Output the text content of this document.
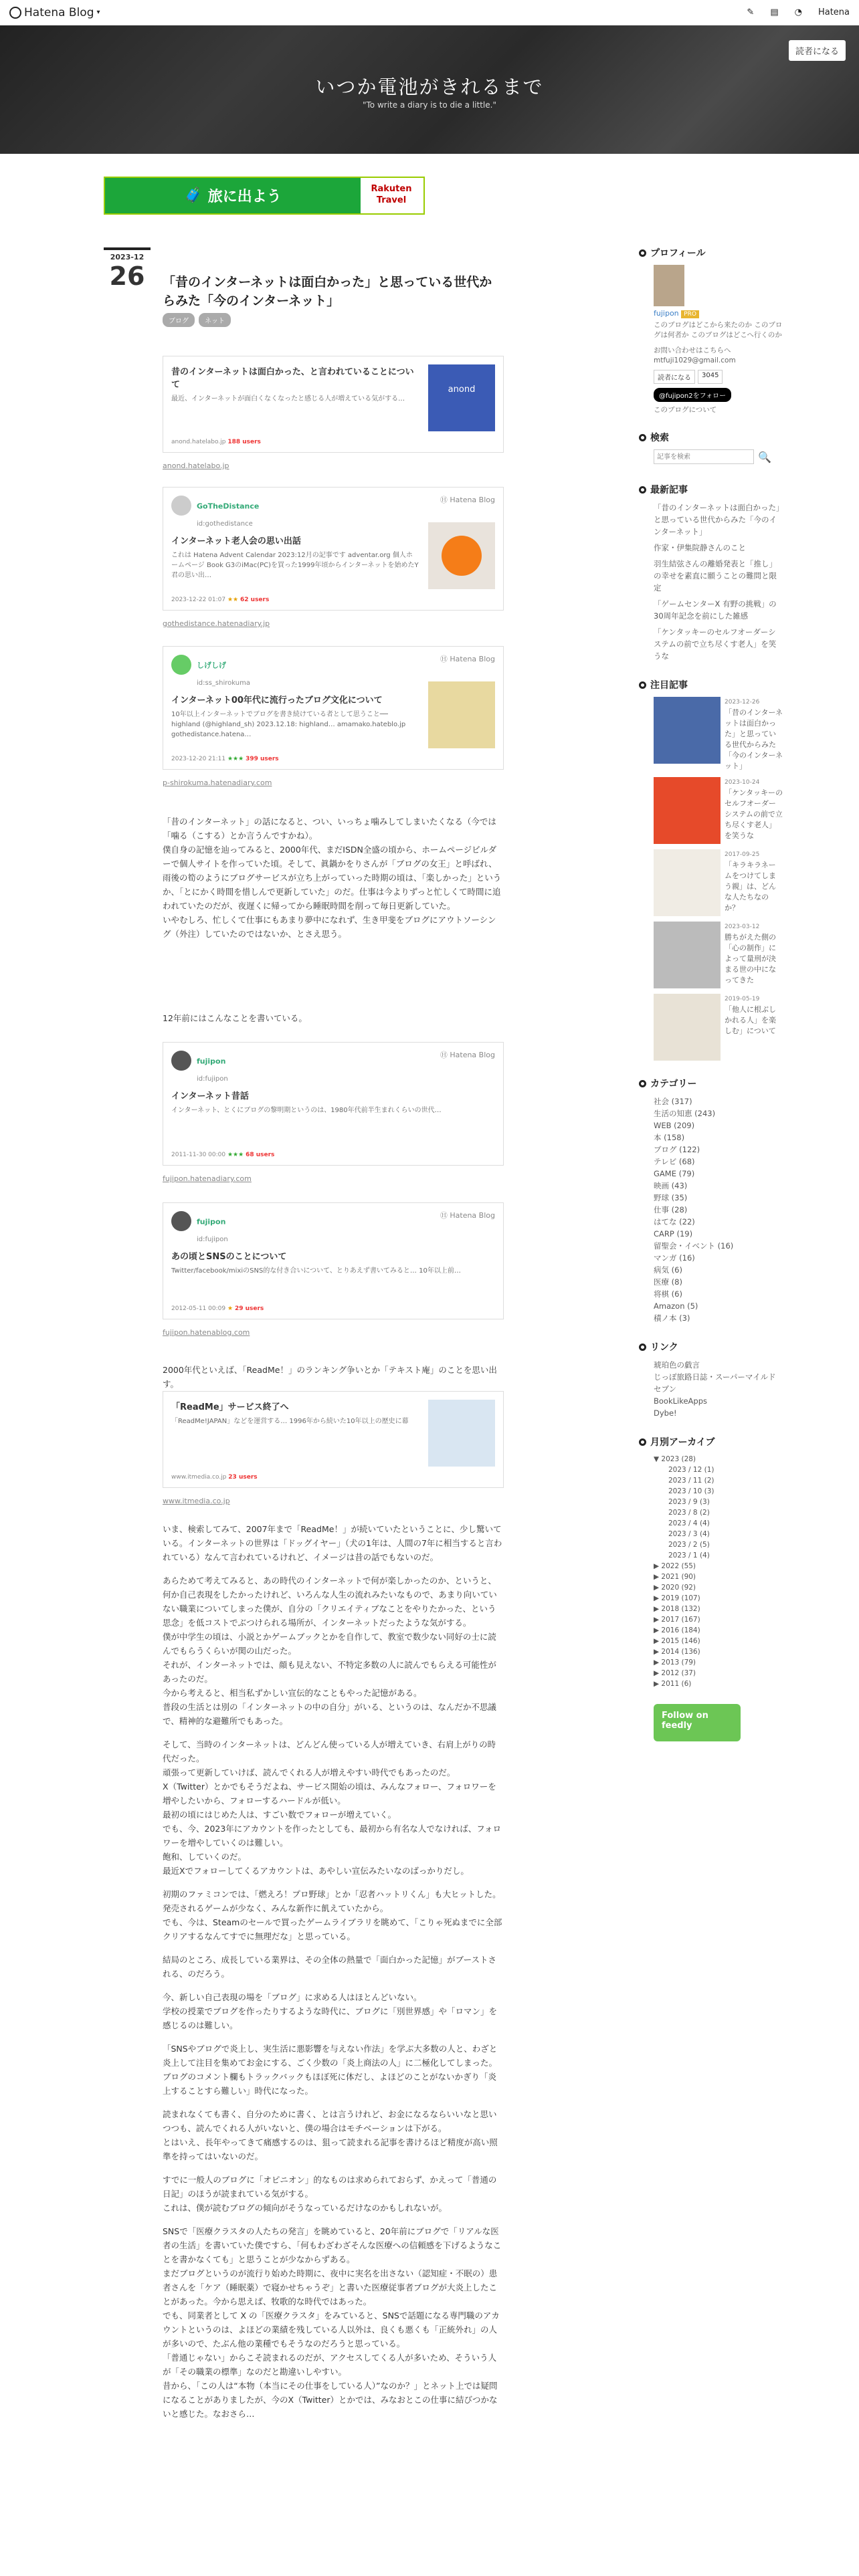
Hatena Blog ▾	✎ ▤ ◔ Hatena
読者になる
いつか電池がきれるまで
"To write a diary is to die a little."
🧳 旅に出よう	Rakuten Travel
2023-12
26	「昔のインターネットは面白かった」と思っている世代からみた「今のインターネット」
ブログ	ネット
昔のインターネットは面白かった、と言われていることについて
最近、インターネットが面白くなくなったと感じる人が増えている気がする…
anond
anond.hatelabo.jp 188 users
anond.hatelabo.jp
Ⓗ Hatena Blog
GoTheDistance
id:gothedistance
インターネット老人会の思い出話
これは Hatena Advent Calendar 2023:12月の記事です adventar.org 個人ホームページ Book G3のiMac(PC)を買った1999年頃からインターネットを始めたY君の思い出…
2023-12-22 01:07 ★★ 62 users
gothedistance.hatenadiary.jp
Ⓗ Hatena Blog
しげしげ
id:ss_shirokuma
インターネット00年代に流行ったブログ文化について
10年以上インターネットでブログを書き続けている者として思うこと── highland (@highland_sh) 2023.12.18: highland… amamako.hateblo.jp gothedistance.hatena…
2023-12-20 21:11 ★★★ 399 users
p-shirokuma.hatenadiary.com

「昔のインターネット」の話になると、つい、いっちょ噛みしてしまいたくなる（今では「噛る（こする）とか言うんですかね）。

僕自身の記憶を辿ってみると、2000年代、まだISDN全盛の頃から、ホームページビルダーで個人サイトを作っていた頃。そして、眞鍋かをりさんが「ブログの女王」と呼ばれ、雨後の筍のようにブログサービスが立ち上がっていった時期の頃は、「楽しかった」というか、「とにかく時間を惜しんで更新していた」のだ。仕事は今よりずっと忙しくて時間に追われていたのだが、夜遅くに帰ってから睡眠時間を削って毎日更新していた。

いやむしろ、忙しくて仕事にもあまり夢中になれず、生き甲斐をブログにアウトソーシング（外注）していたのではないか、とさえ思う。

12年前にはこんなことを書いている。
Ⓗ Hatena Blog
fujipon
id:fujipon
インターネット昔話
インターネット、とくにブログの黎明期というのは、1980年代前半生まれくらいの世代…
2011-11-30 00:00 ★★★ 68 users
fujipon.hatenadiary.com
Ⓗ Hatena Blog
fujipon
id:fujipon
あの頃とSNSのことについて
Twitter/facebook/mixiのSNS的な付き合いについて、とりあえず書いてみると… 10年以上前…
2012-05-11 00:09 ★ 29 users
fujipon.hatenablog.com
2000年代といえば、「ReadMe！」のランキング争いとか「テキスト庵」のことを思い出す。
「ReadMe」サービス終了へ
「ReadMe!JAPAN」などを運営する… 1996年から続いた10年以上の歴史に幕
www.itmedia.co.jp 23 users
www.itmedia.co.jp

いま、検索してみて、2007年まで「ReadMe！」が続いていたということに、少し驚いている。インターネットの世界は「ドッグイヤー」（犬の1年は、人間の7年に相当すると言われている）なんて言われているけれど、イメージは昔の話でもないのだ。

あらためて考えてみると、あの時代のインターネットで何が楽しかったのか、というと、何か自己表現をしたかったけれど、いろんな人生の流れみたいなもので、あまり向いていない職業についてしまった僕が、自分の「クリエイティブなことをやりたかった、という思念」を低コストでぶつけられる場所が、インターネットだったような気がする。

僕が中学生の頃は、小説とかゲームブックとかを自作して、教室で数少ない同好の士に読んでもらうくらいが関の山だった。

それが、インターネットでは、顔も見えない、不特定多数の人に読んでもらえる可能性があったのだ。

今から考えると、相当私ずかしい宣伝的なこともやった記憶がある。

普段の生活とは別の「インターネットの中の自分」がいる、というのは、なんだか不思議で、精神的な避難所でもあった。

そして、当時のインターネットは、どんどん使っている人が増えていき、右肩上がりの時代だった。

頑張って更新していけば、読んでくれる人が増えやすい時代でもあったのだ。

X（Twitter）とかでもそうだよね、サービス開始の頃は、みんなフォロー、フォロワーを増やしたいから、フォローするハードルが低い。

最初の頃にはじめた人は、すごい数でフォローが増えていく。

でも、今、2023年にアカウントを作ったとしても、最初から有名な人でなければ、フォロワーを増やしていくのは難しい。

飽和、していくのだ。

最近Xでフォローしてくるアカウントは、あやしい宣伝みたいなのばっかりだし。

初期のファミコンでは、「燃えろ！プロ野球」とか「忍者ハットリくん」も大ヒットした。

発売されるゲームが少なく、みんな新作に飢えていたから。

でも、今は、Steamのセールで買ったゲームライブラリを眺めて、「こりゃ死ぬまでに全部クリアするなんてすでに無理だな」と思っている。

結局のところ、成長している業界は、その全体の熱量で「面白かった記憶」がブーストされる、のだろう。

今、新しい自己表現の場を「ブログ」に求める人はほとんどいない。

学校の授業でブログを作ったりするような時代に、ブログに「別世界感」や「ロマン」を感じるのは難しい。

「SNSやブログで炎上し、実生活に悪影響を与えない作法」を学ぶ大多数の人と、わざと炎上して注目を集めてお金にする、ごく少数の「炎上商法の人」に二極化してしまった。

ブログのコメント欄もトラックバックもほぼ死に体だし、よほどのことがないかぎり「炎上することすら難しい」時代になった。

読まれなくても書く、自分のために書く、とは言うけれど、お金になるならいいなと思いつつも、読んでくれる人がいないと、僕の場合はモチベーションは下がる。

とはいえ、長年やってきて痛感するのは、狙って読まれる記事を書けるほど精度が高い照準を持ってはいないのだ。

すでに一般人のブログに「オピニオン」的なものは求められておらず、かえって「普通の日記」のほうが読まれている気がする。

これは、僕が読むブログの傾向がそうなっているだけなのかもしれないが。

SNSで「医療クラスタの人たちの発言」を眺めていると、20年前にブログで「リアルな医者の生活」を書いていた僕ですら、「何もわざわざそんな医療への信頼感を下げるようなことを書かなくても」と思うことが少なからずある。

まだブログというのが流行り始めた時期に、夜中に実名を出さない（認知症・不眠の）患者さんを「ケア（睡眠薬）で寝かせちゃうぞ」と書いた医療従事者ブログが大炎上したことがあった。今から思えば、牧歌的な時代ではあった。

でも、同業者として X の「医療クラスタ」をみていると、SNSで話題になる専門職のアカウントというのは、よほどの業績を残している人以外は、良くも悪くも「正統外れ」の人が多いので、たぶん他の業種でもそうなのだろうと思っている。

「普通じゃない」からこそ読まれるのだが、アクセスしてくる人が多いため、そういう人が「その職業の標準」なのだと勘違いしやすい。

昔から、「この人は“本物（本当にその仕事をしている人）”なのか？」とネット上では疑問になることがありましたが、今のX（Twitter）とかでは、みなおとこの仕事に結びつかないと感じた。なおさら…

プロフィール
fujipon PRO
このブログはどこから来たのか このブログは何者か このブログはどこへ行くのか
お問い合わせはこちらへ mtfuji1029@gmail.com
読者になる	3045
@fujipon2をフォロー
このブログについて
検索
記事を検索
🔍
最新記事
「昔のインターネットは面白かった」と思っている世代からみた「今のインターネット」
作家・伊集院静さんのこと
羽生結弦さんの離婚発表と「推し」の幸せを素直に願うことの難問と限定
「ゲームセンターX 有野の挑戦」の 30周年記念を前にした雑感
「ケンタッキーのセルフオーダーシステムの前で立ち尽くす老人」を笑うな
注目記事
2023-12-26
「昔のインターネットは面白かった」と思っている世代からみた「今のインターネット」
2023-10-24
「ケンタッキーのセルフオーダーシステムの前で立ち尽くす老人」を笑うな
2017-09-25
「キラキラネームをつけてしまう親」は、どんな人たちなのか？
2023-03-12
勝ちがえた側の「心の制作」によって量刑が決まる世の中になってきた
2019-05-19
「他人に根ぶしかれる人」を楽しむ」について
カテゴリー
社会 (317)
生活の知恵 (243)
WEB (209)
本 (158)
ブログ (122)
テレビ (68)
GAME (79)
映画 (43)
野球 (35)
仕事 (28)
はてな (22)
CARP (19)
留聖会・イベント (16)
マンガ (16)
病気 (6)
医療 (8)
将棋 (6)
Amazon (5)
積ノ本 (3)
リンク
琥珀色の戯言
じっぽ旅路日誌・スーパーマイルドセブン
BookLikeApps
Dybe!
月別アーカイブ
▼ 2023 (28)
2023 / 12 (1)
2023 / 11 (2)
2023 / 10 (3)
2023 / 9 (3)
2023 / 8 (2)
2023 / 4 (4)
2023 / 3 (4)
2023 / 2 (5)
2023 / 1 (4)
▶ 2022 (55)
▶ 2021 (90)
▶ 2020 (92)
▶ 2019 (107)
▶ 2018 (132)
▶ 2017 (167)
▶ 2016 (184)
▶ 2015 (146)
▶ 2014 (136)
▶ 2013 (79)
▶ 2012 (37)
▶ 2011 (6)
Follow on feedly
